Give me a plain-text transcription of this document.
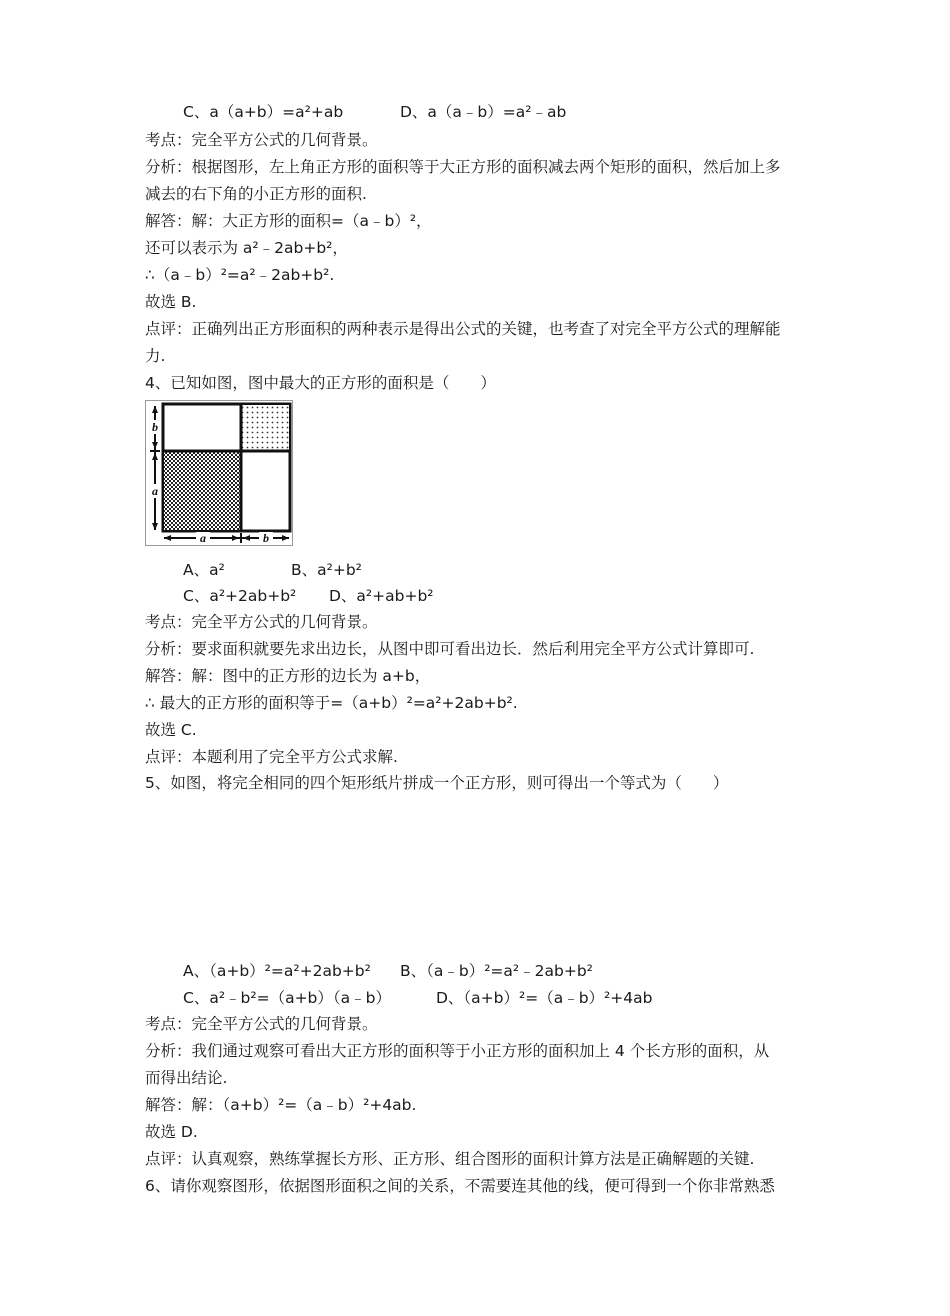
C、a（a+b）=a²+ab	D、a（a﹣b）=a²﹣ab
考点：完全平方公式的几何背景。
分析：根据图形，左上角正方形的面积等于大正方形的面积减去两个矩形的面积，然后加上多
减去的右下角的小正方形的面积.
解答：解：大正方形的面积=（a﹣b）²，
还可以表示为 a²﹣2ab+b²，
∴（a﹣b）²=a²﹣2ab+b².
故选 B.
点评：正确列出正方形面积的两种表示是得出公式的关键，也考查了对完全平方公式的理解能
力.
4、已知如图，图中最大的正方形的面积是（　　）
b
a
a	b
A、a²	B、a²+b²
C、a²+2ab+b² D、a²+ab+b²
考点：完全平方公式的几何背景。
分析：要求面积就要先求出边长，从图中即可看出边长．然后利用完全平方公式计算即可.
解答：解：图中的正方形的边长为 a+b，
∴ 最大的正方形的面积等于=（a+b）²=a²+2ab+b².
故选 C.
点评：本题利用了完全平方公式求解.
5、如图，将完全相同的四个矩形纸片拼成一个正方形，则可得出一个等式为（　　）
A、（a+b）²=a²+2ab+b² B、（a﹣b）²=a²﹣2ab+b²
C、a²﹣b²=（a+b）（a﹣b）	D、（a+b）²=（a﹣b）²+4ab
考点：完全平方公式的几何背景。
分析：我们通过观察可看出大正方形的面积等于小正方形的面积加上 4 个长方形的面积，从
而得出结论.
解答：解：（a+b）²=（a﹣b）²+4ab.
故选 D.
点评：认真观察，熟练掌握长方形、正方形、组合图形的面积计算方法是正确解题的关键.
6、请你观察图形，依据图形面积之间的关系，不需要连其他的线，便可得到一个你非常熟悉
